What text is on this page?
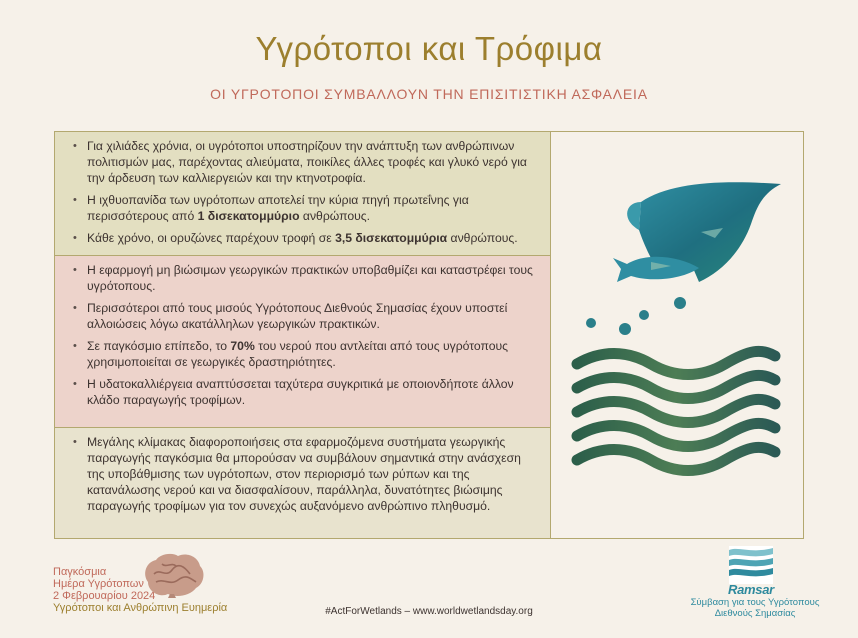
Υγρότοποι και Τρόφιμα
ΟΙ ΥΓΡΟΤΟΠΟΙ ΣΥΜΒΑΛΛΟΥΝ ΤΗΝ ΕΠΙΣΙΤΙΣΤΙΚΗ ΑΣΦΑΛΕΙΑ
• Για χιλιάδες χρόνια, οι υγρότοποι υποστηρίζουν την ανάπτυξη των ανθρώπινων πολιτισμών μας, παρέχοντας αλιεύματα, ποικίλες άλλες τροφές και γλυκό νερό για την άρδευση των καλλιεργειών και την κτηνοτροφία.
• Η ιχθυοπανίδα των υγρότοπων αποτελεί την κύρια πηγή πρωτεΐνης για περισσότερους από 1 δισεκατομμύριο ανθρώπους.
• Κάθε χρόνο, οι ορυζώνες παρέχουν τροφή σε 3,5 δισεκατομμύρια ανθρώπους.
• Η εφαρμογή μη βιώσιμων γεωργικών πρακτικών υποβαθμίζει και καταστρέφει τους υγρότοπους.
• Περισσότεροι από τους μισούς Υγρότοπους Διεθνούς Σημασίας έχουν υποστεί αλλοιώσεις λόγω ακατάλληλων γεωργικών πρακτικών.
• Σε παγκόσμιο επίπεδο, το 70% του νερού που αντλείται από τους υγρότοπους χρησιμοποιείται σε γεωργικές δραστηριότητες.
• Η υδατοκαλλιέργεια αναπτύσσεται ταχύτερα συγκριτικά με οποιονδήποτε άλλον κλάδο παραγωγής τροφίμων.
• Μεγάλης κλίμακας διαφοροποιήσεις στα εφαρμοζόμενα συστήματα γεωργικής παραγωγής παγκόσμια θα μπορούσαν να συμβάλουν σημαντικά στην ανάσχεση της υποβάθμισης των υγρότοπων, στον περιορισμό των ρύπων και της κατανάλωσης νερού και να διασφαλίσουν, παράλληλα, δυνατότητες βιώσιμης παραγωγής τροφίμων για τον συνεχώς αυξανόμενο ανθρώπινο πληθυσμό.
Παγκόσμια
Ημέρα Υγρότοπων
2 Φεβρουαρίου 2024
Υγρότοποι και Ανθρώπινη Ευημερία	#ActForWetlands – www.worldwetlandsday.org
Ramsar
Σύμβαση για τους Υγρότοπους
Διεθνούς Σημασίας
